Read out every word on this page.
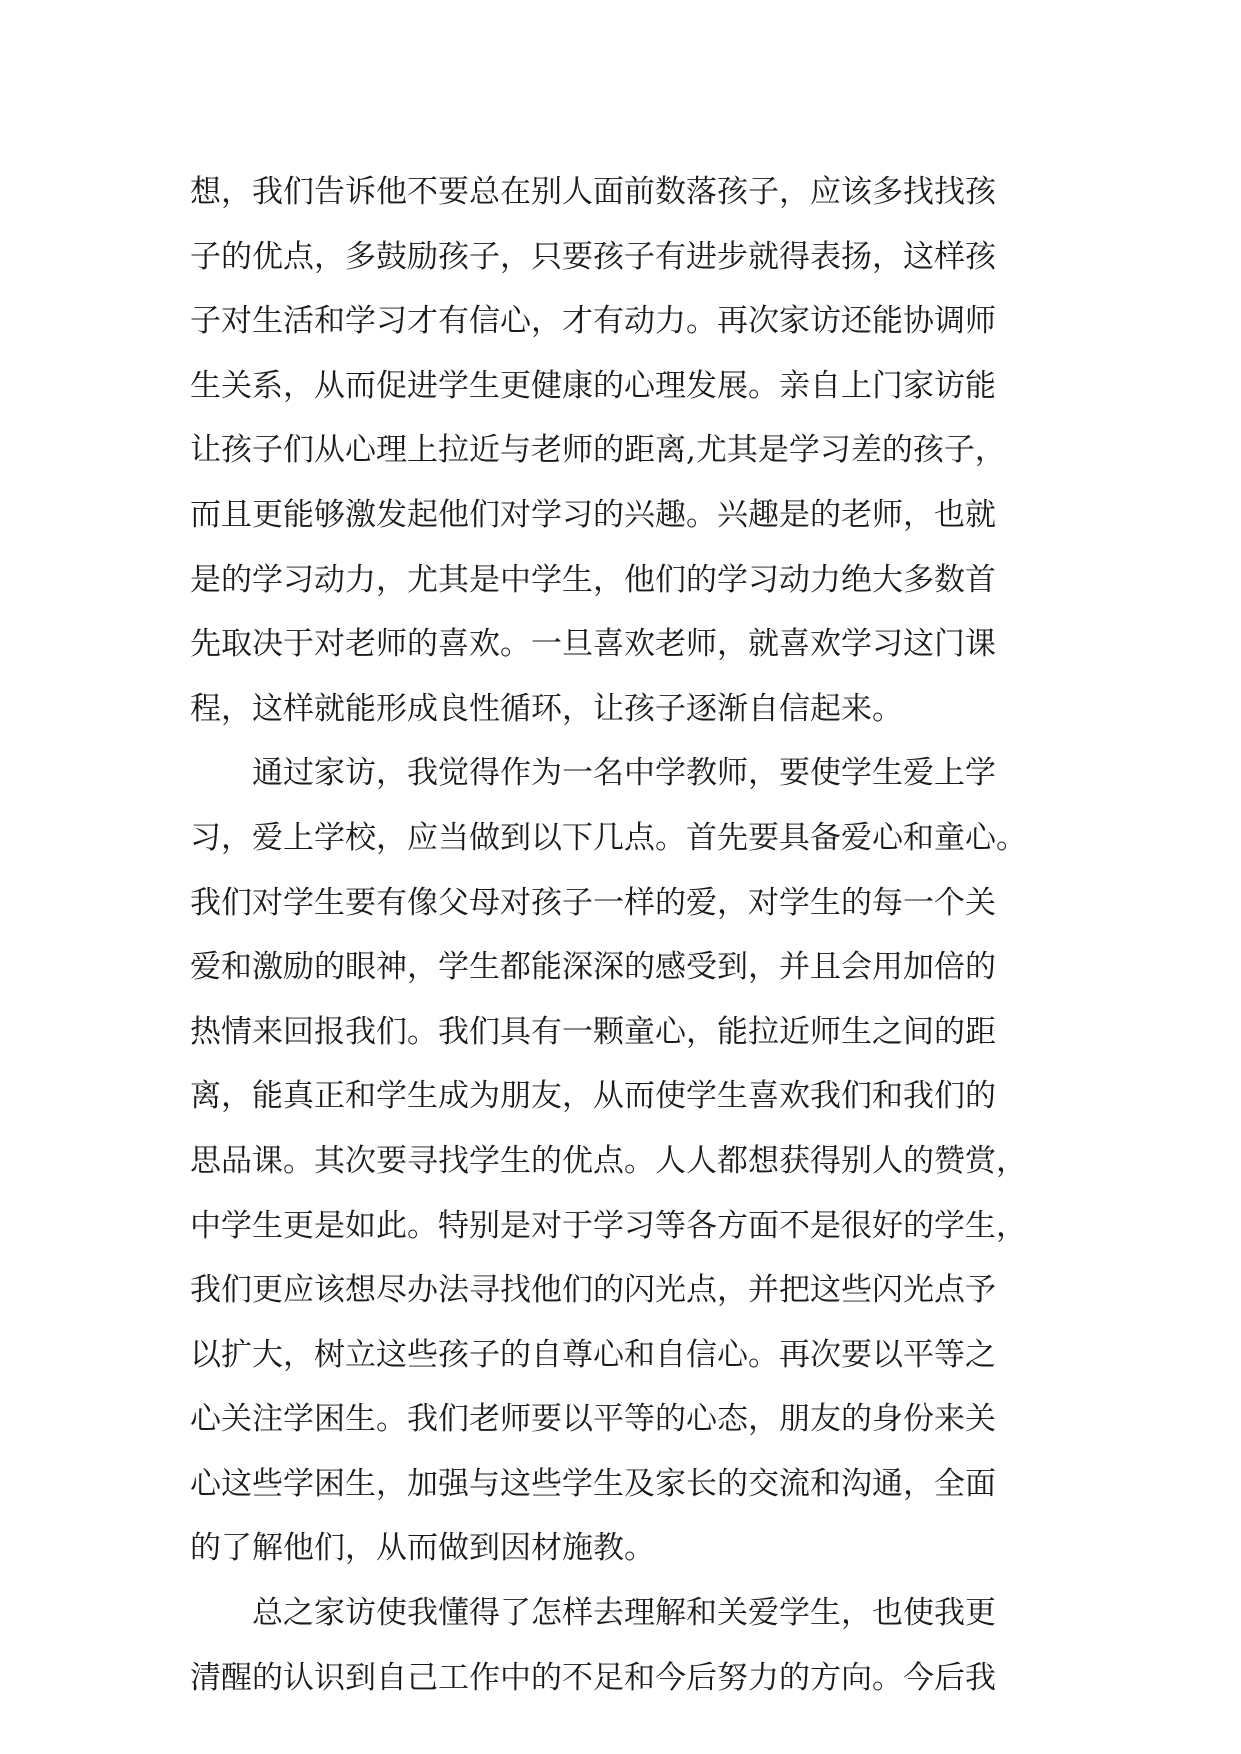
想，我们告诉他不要总在别人面前数落孩子，应该多找找孩
子的优点，多鼓励孩子，只要孩子有进步就得表扬，这样孩
子对生活和学习才有信心，才有动力。再次家访还能协调师
生关系，从而促进学生更健康的心理发展。亲自上门家访能
让孩子们从心理上拉近与老师的距离,尤其是学习差的孩子，
而且更能够激发起他们对学习的兴趣。兴趣是的老师，也就
是的学习动力，尤其是中学生，他们的学习动力绝大多数首
先取决于对老师的喜欢。一旦喜欢老师，就喜欢学习这门课
程，这样就能形成良性循环，让孩子逐渐自信起来。
　　通过家访，我觉得作为一名中学教师，要使学生爱上学
习，爱上学校，应当做到以下几点。首先要具备爱心和童心。
我们对学生要有像父母对孩子一样的爱，对学生的每一个关
爱和激励的眼神，学生都能深深的感受到，并且会用加倍的
热情来回报我们。我们具有一颗童心，能拉近师生之间的距
离，能真正和学生成为朋友，从而使学生喜欢我们和我们的
思品课。其次要寻找学生的优点。人人都想获得别人的赞赏，
中学生更是如此。特别是对于学习等各方面不是很好的学生，
我们更应该想尽办法寻找他们的闪光点，并把这些闪光点予
以扩大，树立这些孩子的自尊心和自信心。再次要以平等之
心关注学困生。我们老师要以平等的心态，朋友的身份来关
心这些学困生，加强与这些学生及家长的交流和沟通，全面
的了解他们，从而做到因材施教。
　　总之家访使我懂得了怎样去理解和关爱学生，也使我更
清醒的认识到自己工作中的不足和今后努力的方向。今后我
